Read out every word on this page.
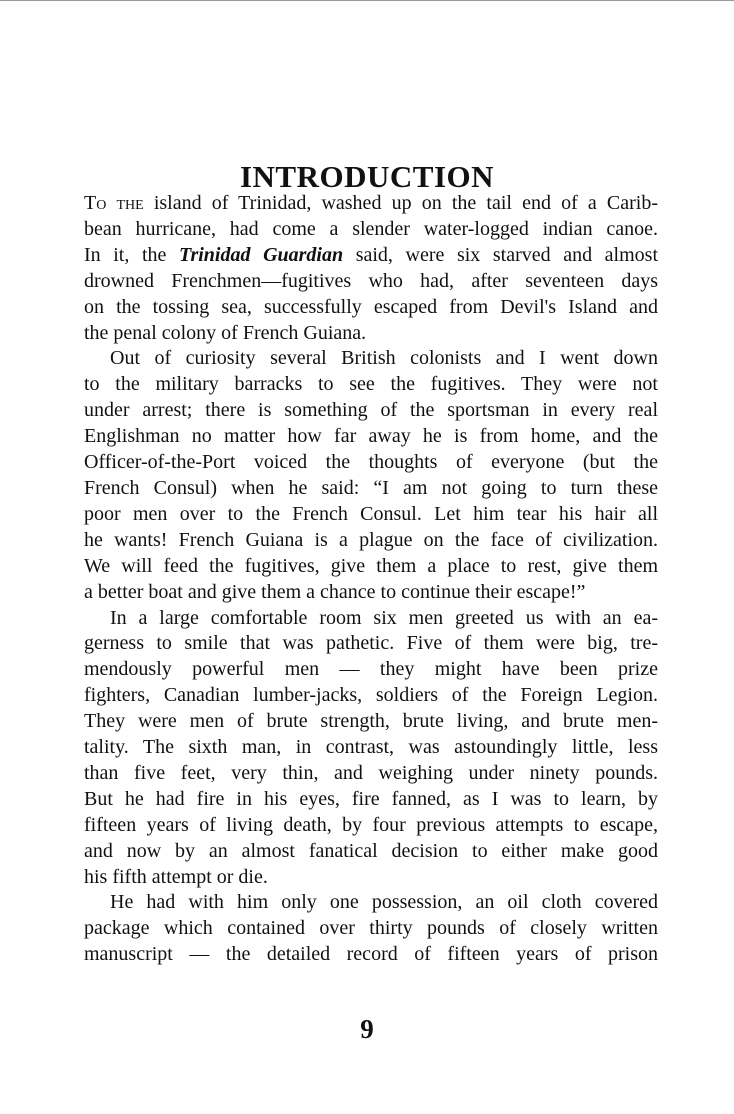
INTRODUCTION

To the island of Trinidad, washed up on the tail end of a Carib-
bean hurricane, had come a slender water-logged indian canoe.
In it, the Trinidad Guardian said, were six starved and almost
drowned Frenchmen—fugitives who had, after seventeen days
on the tossing sea, successfully escaped from Devil's Island and
the penal colony of French Guiana.

Out of curiosity several British colonists and I went down
to the military barracks to see the fugitives. They were not
under arrest; there is something of the sportsman in every real
Englishman no matter how far away he is from home, and the
Officer-of-the-Port voiced the thoughts of everyone (but the
French Consul) when he said: “I am not going to turn these
poor men over to the French Consul. Let him tear his hair all
he wants! French Guiana is a plague on the face of civilization.
We will feed the fugitives, give them a place to rest, give them
a better boat and give them a chance to continue their escape!”

In a large comfortable room six men greeted us with an ea-
gerness to smile that was pathetic. Five of them were big, tre-
mendously powerful men — they might have been prize
fighters, Canadian lumber-jacks, soldiers of the Foreign Legion.
They were men of brute strength, brute living, and brute men-
tality. The sixth man, in contrast, was astoundingly little, less
than five feet, very thin, and weighing under ninety pounds.
But he had fire in his eyes, fire fanned, as I was to learn, by
fifteen years of living death, by four previous attempts to escape,
and now by an almost fanatical decision to either make good
his fifth attempt or die.

He had with him only one possession, an oil cloth covered
package which contained over thirty pounds of closely written
manuscript — the detailed record of fifteen years of prison

9
